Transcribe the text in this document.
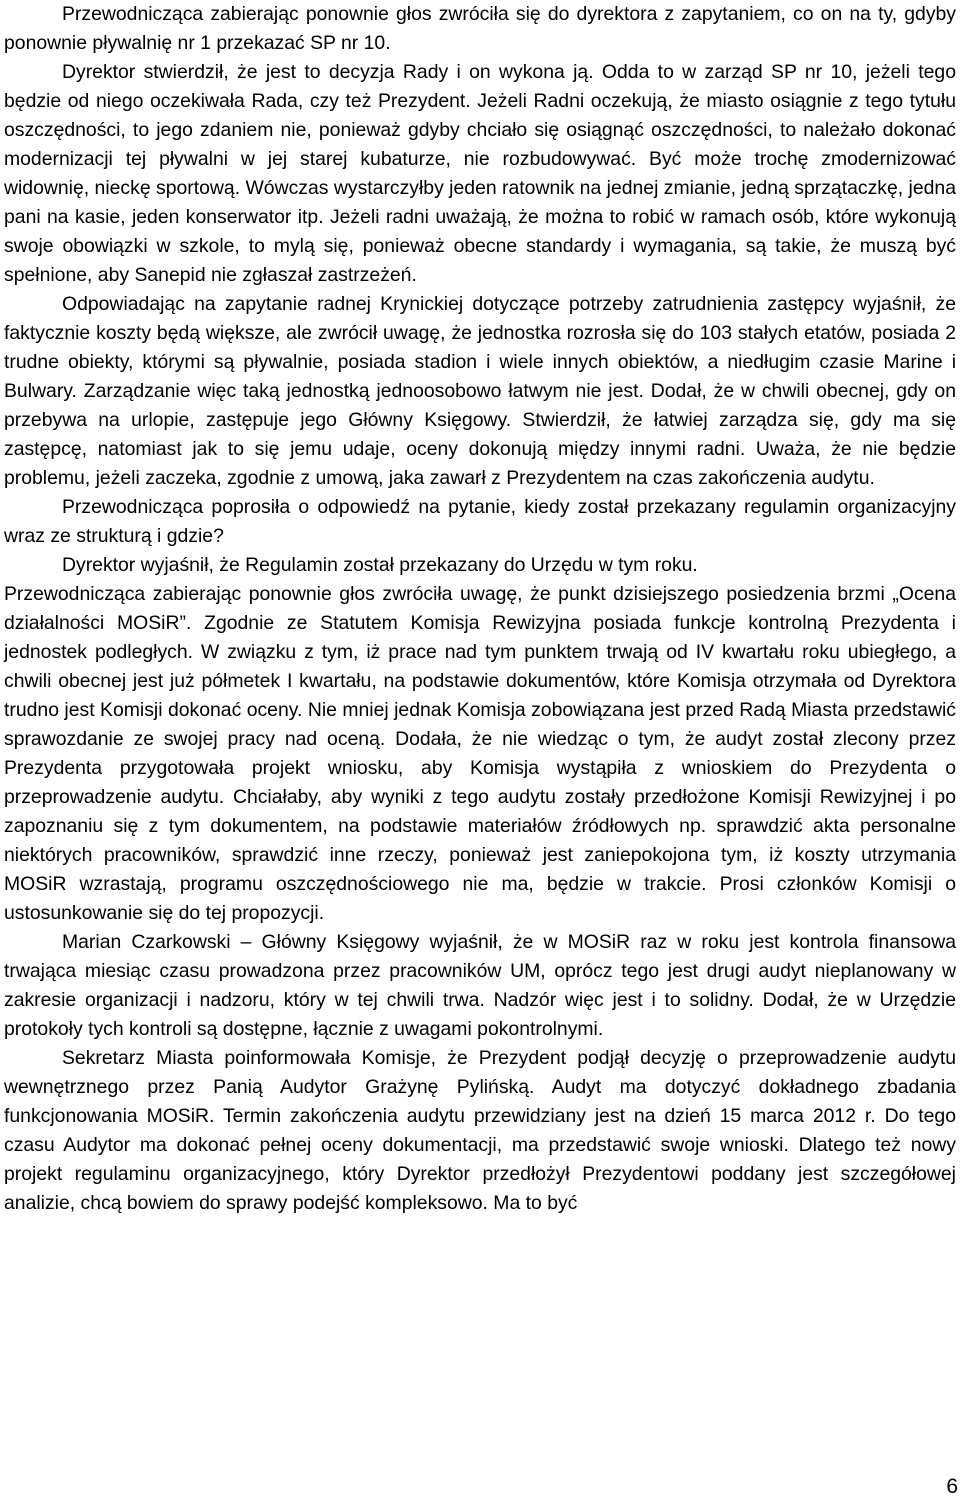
Przewodnicząca zabierając ponownie głos zwróciła się do dyrektora z zapytaniem, co on na ty, gdyby ponownie pływalnię nr 1 przekazać SP nr 10.

Dyrektor stwierdził, że jest to decyzja Rady i on wykona ją. Odda to w zarząd SP nr 10, jeżeli tego będzie od niego oczekiwała Rada, czy też Prezydent. Jeżeli Radni oczekują, że miasto osiągnie z tego tytułu oszczędności, to jego zdaniem nie, ponieważ gdyby chciało się osiągnąć oszczędności, to należało dokonać modernizacji tej pływalni w jej starej kubaturze, nie rozbudowywać. Być może trochę zmodernizować widownię, nieckę sportową. Wówczas wystarczyłby jeden ratownik na jednej zmianie, jedną sprzątaczkę, jedna pani na kasie, jeden konserwator itp. Jeżeli radni uważają, że można to robić w ramach osób, które wykonują swoje obowiązki w szkole, to mylą się, ponieważ obecne standardy i wymagania, są takie, że muszą być spełnione, aby Sanepid nie zgłaszał zastrzeżeń.

Odpowiadając na zapytanie radnej Krynickiej dotyczące potrzeby zatrudnienia zastępcy wyjaśnił, że faktycznie koszty będą większe, ale zwrócił uwagę, że jednostka rozrosła się do 103 stałych etatów, posiada 2 trudne obiekty, którymi są pływalnie, posiada stadion i wiele innych obiektów, a niedługim czasie Marine i Bulwary. Zarządzanie więc taką jednostką jednoosobowo łatwym nie jest. Dodał, że w chwili obecnej, gdy on przebywa na urlopie, zastępuje jego Główny Księgowy. Stwierdził, że łatwiej zarządza się, gdy ma się zastępcę, natomiast jak to się jemu udaje, oceny dokonują między innymi radni. Uważa, że nie będzie problemu, jeżeli zaczeka, zgodnie z umową, jaka zawarł z Prezydentem na czas zakończenia audytu.

Przewodnicząca poprosiła o odpowiedź na pytanie, kiedy został przekazany regulamin organizacyjny wraz ze strukturą i gdzie?

Dyrektor wyjaśnił, że Regulamin został przekazany do Urzędu w tym roku.

Przewodnicząca zabierając ponownie głos zwróciła uwagę, że punkt dzisiejszego posiedzenia brzmi „Ocena działalności MOSiR”. Zgodnie ze Statutem Komisja Rewizyjna posiada funkcje kontrolną Prezydenta i jednostek podległych. W związku z tym, iż prace nad tym punktem trwają od IV kwartału roku ubiegłego, a chwili obecnej jest już półmetek I kwartału, na podstawie dokumentów, które Komisja otrzymała od Dyrektora trudno jest Komisji dokonać oceny. Nie mniej jednak Komisja zobowiązana jest przed Radą Miasta przedstawić sprawozdanie ze swojej pracy nad oceną. Dodała, że nie wiedząc o tym, że audyt został zlecony przez Prezydenta przygotowała projekt wniosku, aby Komisja wystąpiła z wnioskiem do Prezydenta o przeprowadzenie audytu. Chciałaby, aby wyniki z tego audytu zostały przedłożone Komisji Rewizyjnej i po zapoznaniu się z tym dokumentem, na podstawie materiałów źródłowych np. sprawdzić akta personalne niektórych pracowników, sprawdzić inne rzeczy, ponieważ jest zaniepokojona tym, iż koszty utrzymania MOSiR wzrastają, programu oszczędnościowego nie ma, będzie w trakcie. Prosi członków Komisji o ustosunkowanie się do tej propozycji.

Marian Czarkowski – Główny Księgowy wyjaśnił, że w MOSiR raz w roku jest kontrola finansowa trwająca miesiąc czasu prowadzona przez pracowników UM, oprócz tego jest drugi audyt nieplanowany w zakresie organizacji i nadzoru, który w tej chwili trwa. Nadzór więc jest i to solidny. Dodał, że w Urzędzie protokoły tych kontroli są dostępne, łącznie z uwagami pokontrolnymi.

Sekretarz Miasta poinformowała Komisje, że Prezydent podjął decyzję o przeprowadzenie audytu wewnętrznego przez Panią Audytor Grażynę Pylińską. Audyt ma dotyczyć dokładnego zbadania funkcjonowania MOSiR. Termin zakończenia audytu przewidziany jest na dzień 15 marca 2012 r. Do tego czasu Audytor ma dokonać pełnej oceny dokumentacji, ma przedstawić swoje wnioski. Dlatego też nowy projekt regulaminu organizacyjnego, który Dyrektor przedłożył Prezydentowi poddany jest szczegółowej analizie, chcą bowiem do sprawy podejść kompleksowo. Ma to być

6
